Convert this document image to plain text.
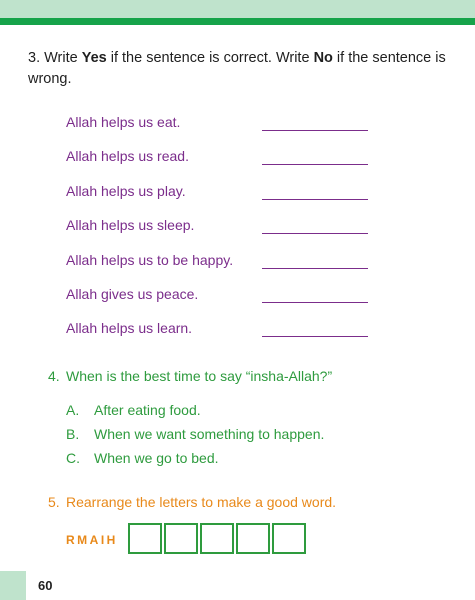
3. Write Yes if the sentence is correct. Write No if the sentence is wrong.
Allah helps us eat.
Allah helps us read.
Allah helps us play.
Allah helps us sleep.
Allah helps us to be happy.
Allah gives us peace.
Allah helps us learn.
4. When is the best time to say “insha-Allah?”
A. After eating food.
B. When we want something to happen.
C. When we go to bed.
5. Rearrange the letters to make a good word.
RMAIH
60
